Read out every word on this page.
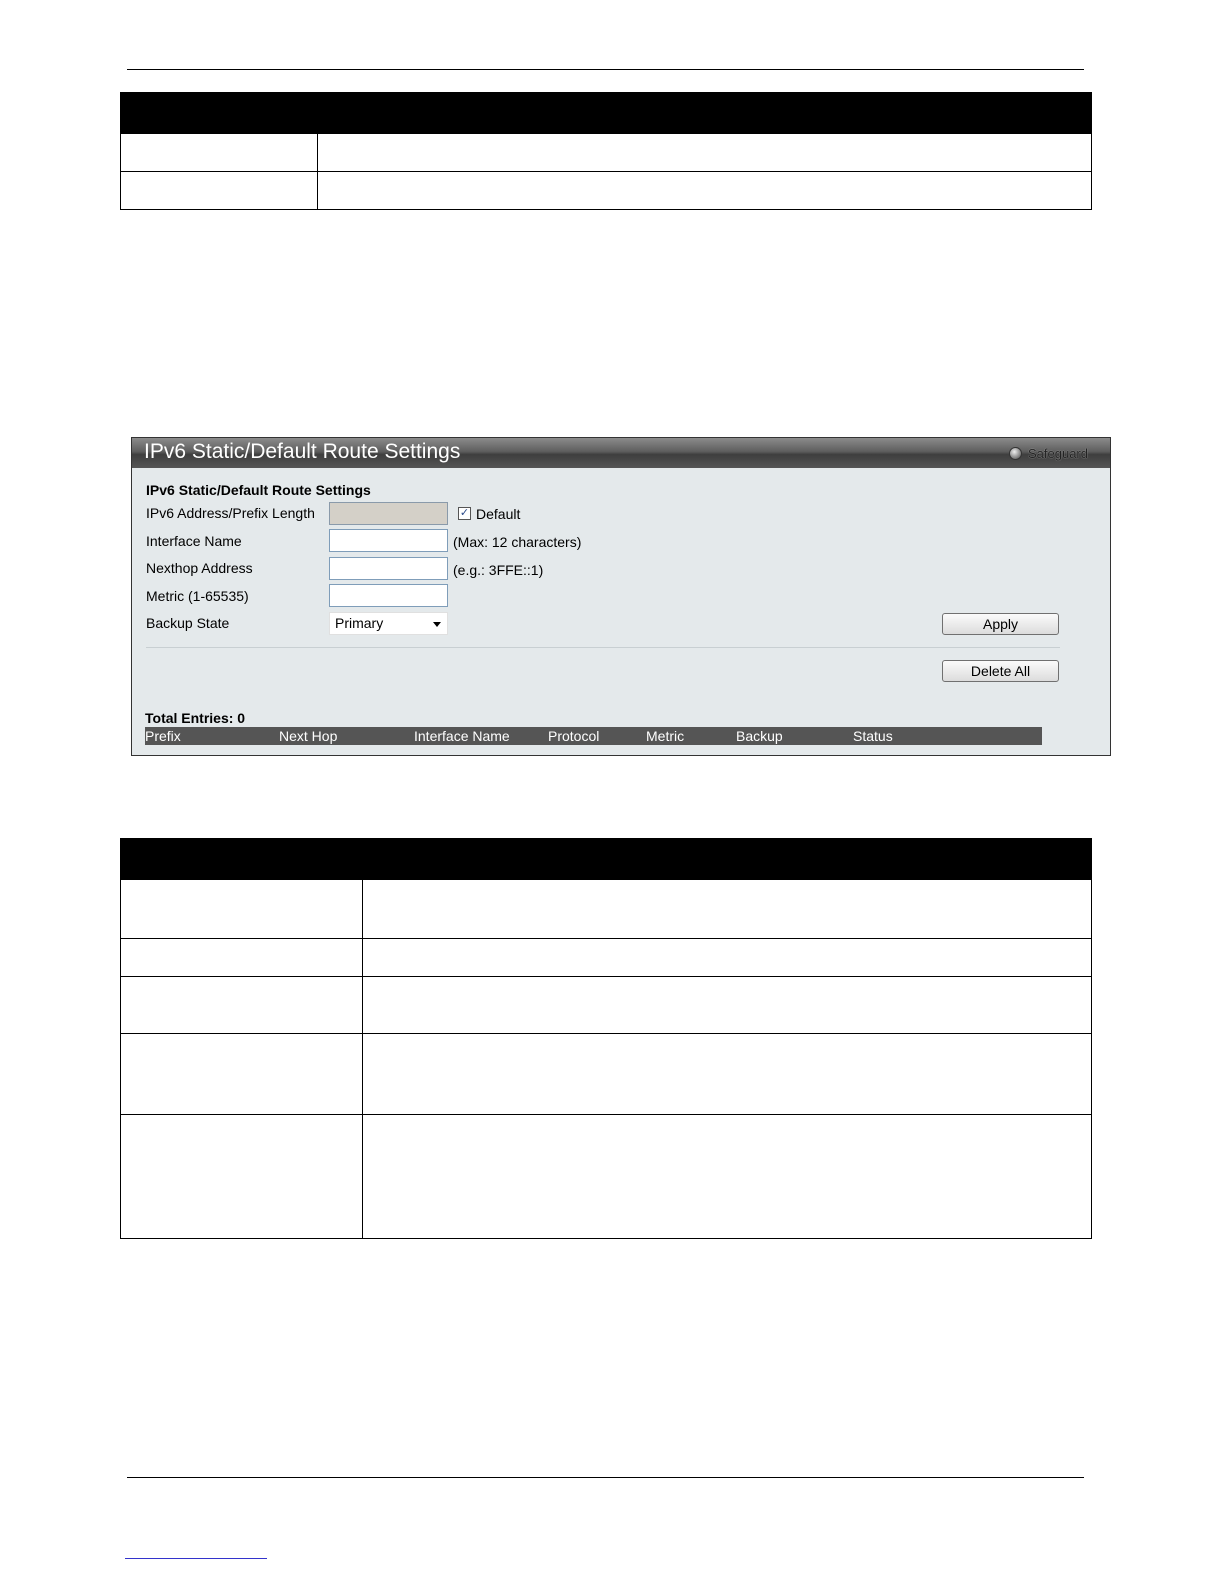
IPv6 Static/Default Route Settings	Safeguard
IPv6 Static/Default Route Settings
IPv6 Address/Prefix Length	✓ Default
Interface Name	(Max: 12 characters)
Nexthop Address	(e.g.: 3FFE::1)
Metric (1-65535)
Backup State	Primary	Apply
Delete All
Total Entries: 0
Prefix	Next Hop	Interface Name	Protocol	Metric	Backup	Status
